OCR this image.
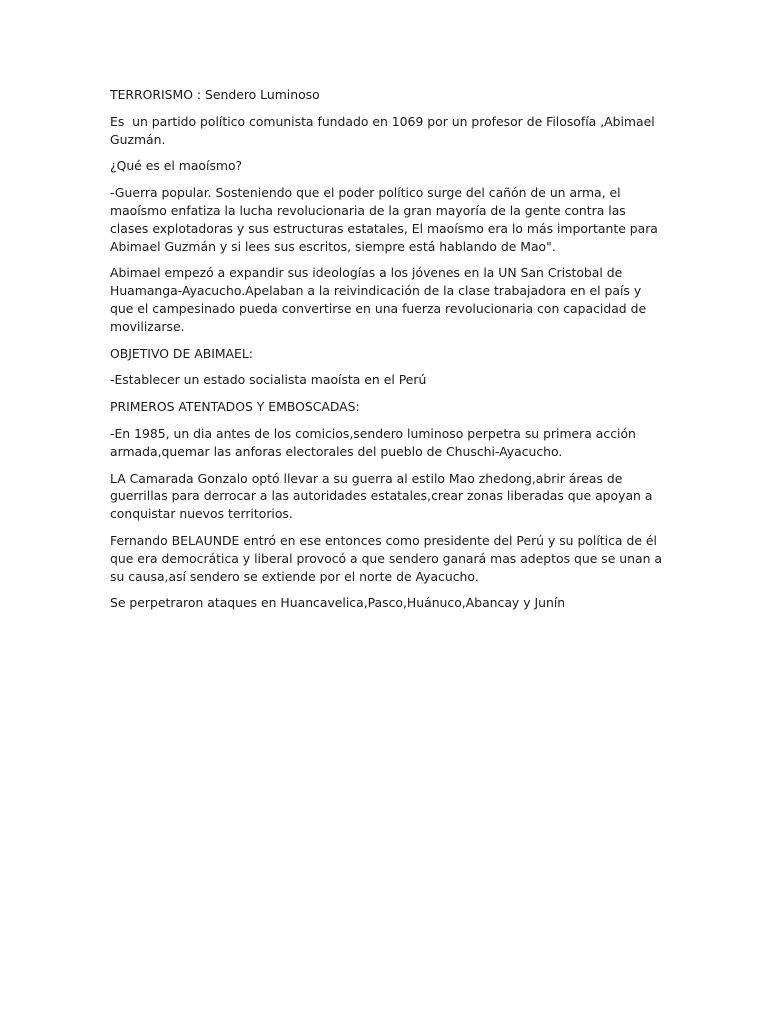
TERRORISMO : Sendero Luminoso

Es  un partido político comunista fundado en 1069 por un profesor de Filosofía ,Abimael Guzmán.

¿Qué es el maoísmo?

-Guerra popular. Sosteniendo que el poder político surge del cañón de un arma, el maoísmo enfatiza la lucha revolucionaria de la gran mayoría de la gente contra las clases explotadoras y sus estructuras estatales, El maoísmo era lo más importante para Abimael Guzmán y si lees sus escritos, siempre está hablando de Mao".

Abimael empezó a expandir sus ideologías a los jóvenes en la UN San Cristobal de Huamanga-Ayacucho.Apelaban a la reivindicación de la clase trabajadora en el país y que el campesinado pueda convertirse en una fuerza revolucionaria con capacidad de movilizarse.

OBJETIVO DE ABIMAEL:

-Establecer un estado socialista maoísta en el Perú

PRIMEROS ATENTADOS Y EMBOSCADAS:

-En 1985, un dia antes de los comicios,sendero luminoso perpetra su primera acción armada,quemar las anforas electorales del pueblo de Chuschi-Ayacucho.

LA Camarada Gonzalo optó llevar a su guerra al estilo Mao zhedong,abrir áreas de guerrillas para derrocar a las autoridades estatales,crear zonas liberadas que apoyan a conquistar nuevos territorios.

Fernando BELAUNDE entró en ese entonces como presidente del Perú y su política de él que era democrática y liberal provocó a que sendero ganará mas adeptos que se unan a su causa,así sendero se extiende por el norte de Ayacucho.

Se perpetraron ataques en Huancavelica,Pasco,Huánuco,Abancay y Junín
